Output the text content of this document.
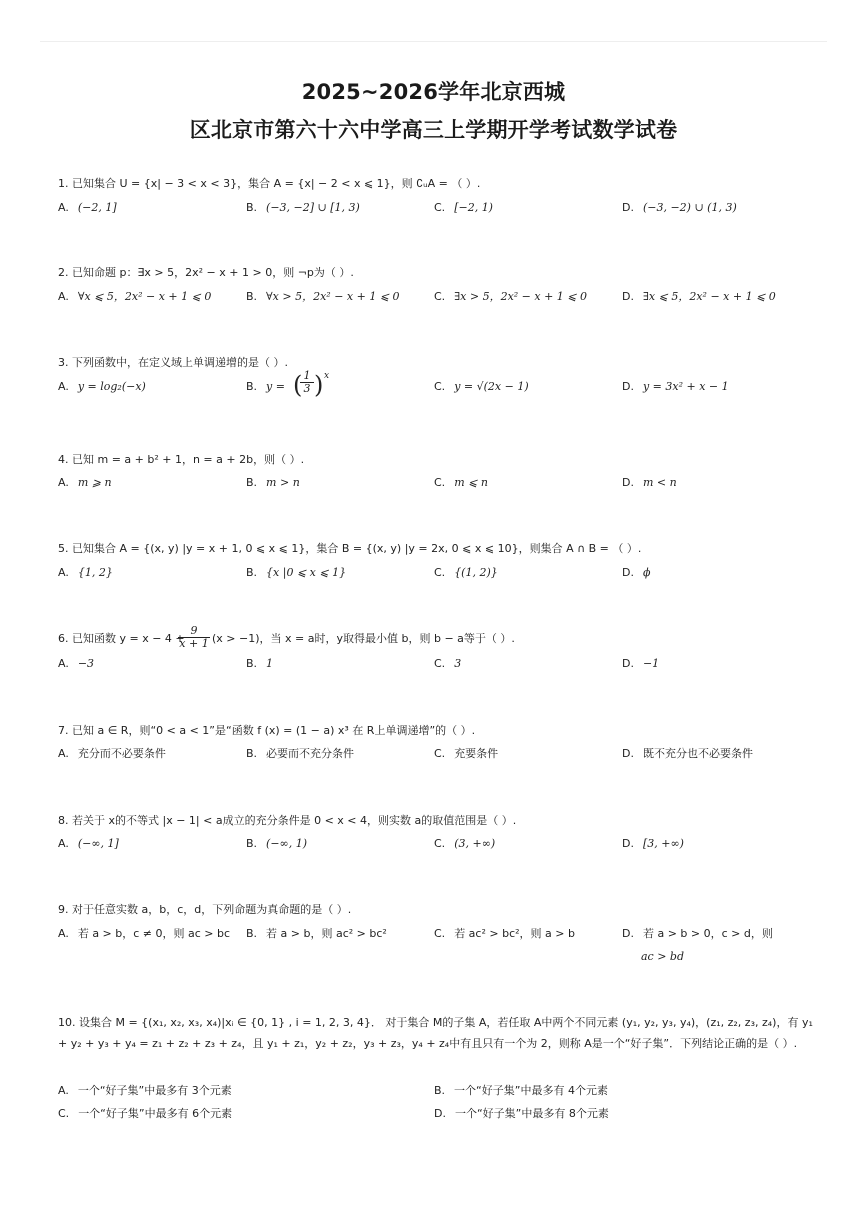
2025~2026学年北京西城
区北京市第六十六中学高三上学期开学考试数学试卷
1. 已知集合 U = {x| − 3 < x < 3}，集合 A = {x| − 2 < x ⩽ 1}，则 ∁ᵤA = （ ）.
A. (−2, 1]	B. (−3, −2] ∪ [1, 3)	C. [−2, 1)	D. (−3, −2) ∪ (1, 3)
2. 已知命题 p：∃x > 5，2x² − x + 1 > 0，则 ¬p为（ ）.
A. ∀x ⩽ 5，2x² − x + 1 ⩽ 0	B. ∀x > 5，2x² − x + 1 ⩽ 0	C. ∃x > 5，2x² − x + 1 ⩽ 0	D. ∃x ⩽ 5，2x² − x + 1 ⩽ 0
3. 下列函数中，在定义域上单调递增的是（ ）.
A. y = log₂(−x)	B. y = (
$\frac{1}{3}$ ) x
C. y = √(2x − 1)	D. y = 3x² + x − 1
4. 已知 m = a + b² + 1，n = a + 2b，则（ ）.
A. m ⩾ n	B. m > n	C. m ⩽ n	D. m < n
5. 已知集合 A = {(x, y) |y = x + 1, 0 ⩽ x ⩽ 1}，集合 B = {(x, y) |y = 2x, 0 ⩽ x ⩽ 10}，则集合 A ∩ B = （ ）.
A. {1, 2}	B. {x |0 ⩽ x ⩽ 1}	C. {(1, 2)}	D. ϕ
6. 已知函数 y = x − 4 +
$\frac{9}{x + 1} (x > -1)$，当 x = a时，y取得最小值 b，则 b − a等于（ ）.
A. −3	B. 1	C. 3	D. −1
7. 已知 a ∈ R，则“0 < a < 1”是“函数 f (x) = (1 − a) x³ 在 R上单调递增”的（ ）.
A. 充分而不必要条件	B. 必要而不充分条件	C. 充要条件	D. 既不充分也不必要条件
8. 若关于 x的不等式 |x − 1| < a成立的充分条件是 0 < x < 4，则实数 a的取值范围是（ ）.
A. (−∞, 1]	B. (−∞, 1)	C. (3, +∞)	D. [3, +∞)
9. 对于任意实数 a，b，c，d，下列命题为真命题的是（ ）.
A. 若 a > b，c ≠ 0，则 ac > bc B. 若 a > b，则 ac² > bc²	C. 若 ac² > bc²，则 a > b	D. 若 a > b > 0，c > d，则
ac > bd
10. 设集合 M = {(x₁, x₂, x₃, x₄)|xᵢ ∈ {0, 1} , i = 1, 2, 3, 4}． 对于集合 M的子集 A，若任取 A中两个不同元素 (y₁, y₂, y₃, y₄)，(z₁, z₂, z₃, z₄)，有 y₁ + y₂ + y₃ + y₄ = z₁ + z₂ + z₃ + z₄，且 y₁ + z₁，y₂ + z₂，y₃ + z₃，y₄ + z₄中有且只有一个为 2，则称 A是一个“好子集”．下列结论正确的是（ ）.
A. 一个“好子集”中最多有 3个元素	B. 一个“好子集”中最多有 4个元素
C. 一个“好子集”中最多有 6个元素	D. 一个“好子集”中最多有 8个元素
